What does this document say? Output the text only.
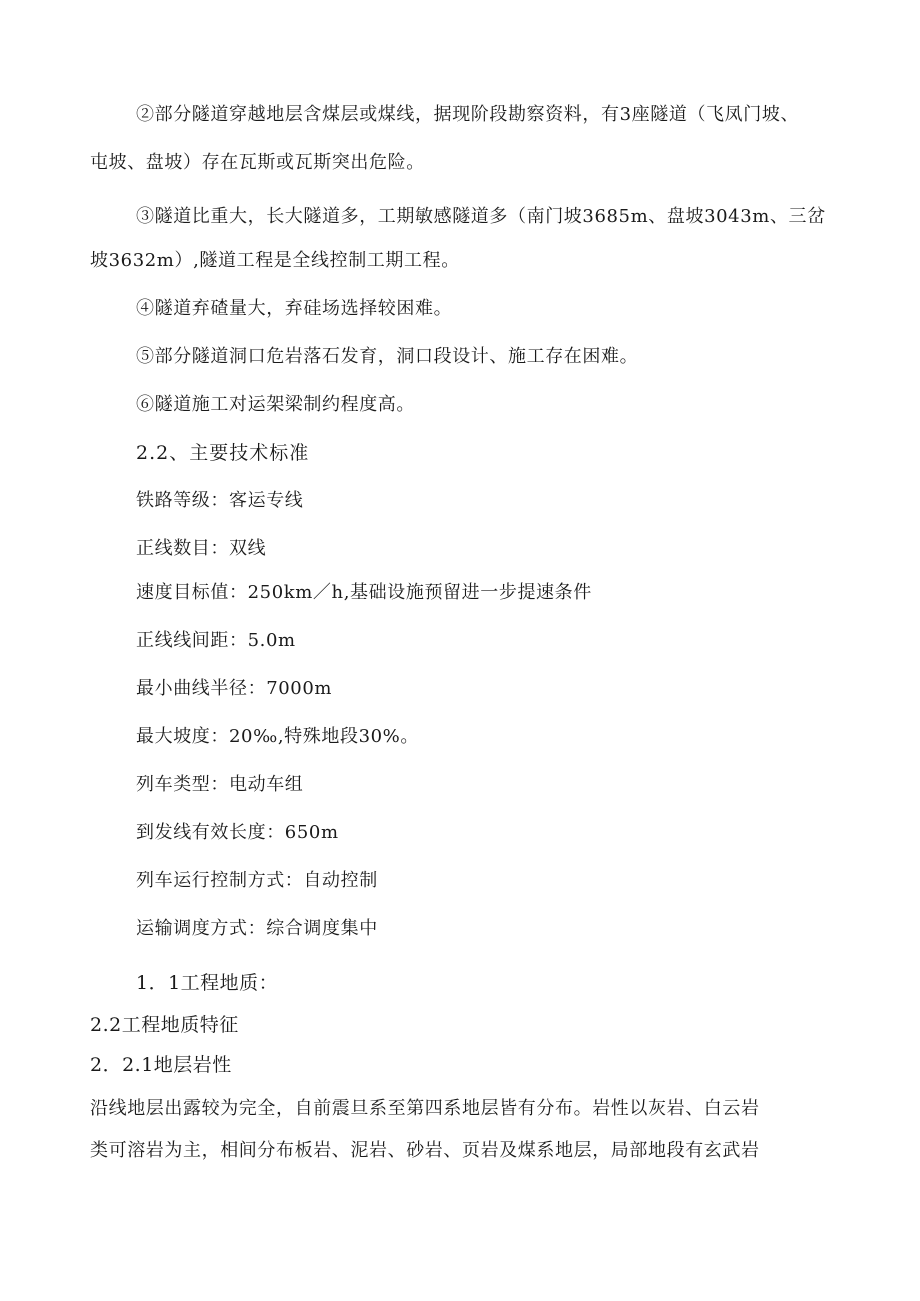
②部分隧道穿越地层含煤层或煤线，据现阶段勘察资料，有3座隧道（飞凤门坡、
屯坡、盘坡）存在瓦斯或瓦斯突出危险。
③隧道比重大，长大隧道多，工期敏感隧道多（南门坡3685m、盘坡3043m、三岔
坡3632m）,隧道工程是全线控制工期工程。
④隧道弃碴量大，弃硅场选择较困难。
⑤部分隧道洞口危岩落石发育，洞口段设计、施工存在困难。
⑥隧道施工对运架梁制约程度高。
2.2、主要技术标准
铁路等级：客运专线
正线数目：双线
速度目标值：250km／h,基础设施预留进一步提速条件
正线线间距：5.0m
最小曲线半径：7000m
最大坡度：20‰,特殊地段30%。
列车类型：电动车组
到发线有效长度：650m
列车运行控制方式：自动控制
运输调度方式：综合调度集中
1．1工程地质：
2.2工程地质特征
2．2.1地层岩性
沿线地层出露较为完全，自前震旦系至第四系地层皆有分布。岩性以灰岩、白云岩
类可溶岩为主，相间分布板岩、泥岩、砂岩、页岩及煤系地层，局部地段有玄武岩
